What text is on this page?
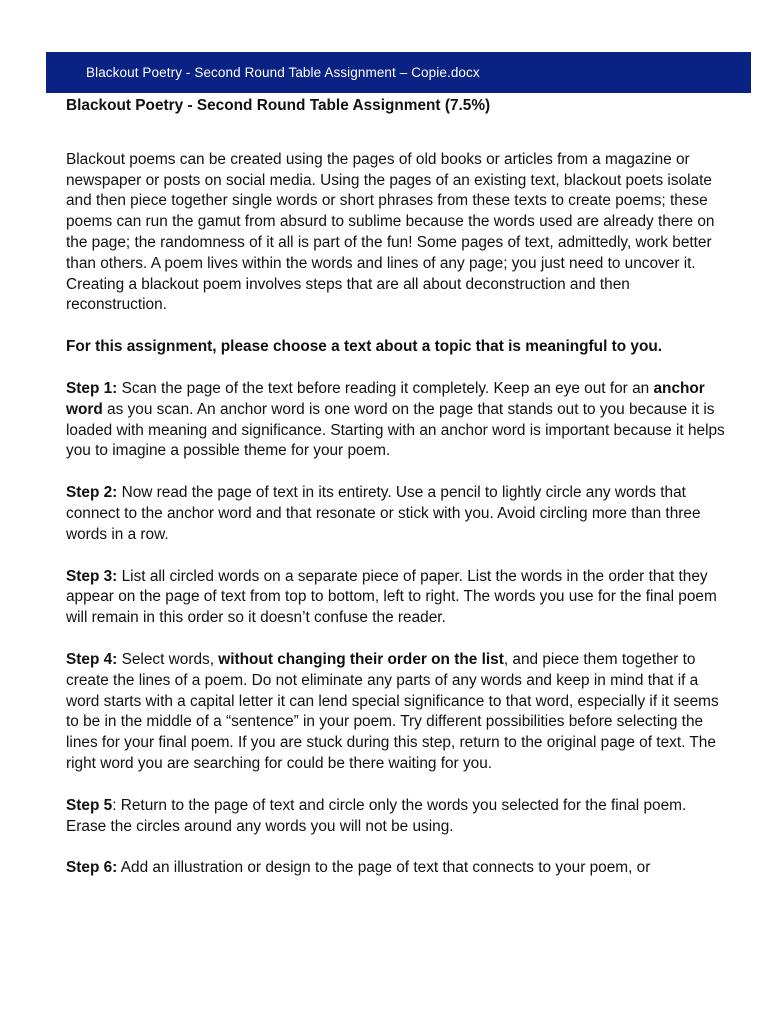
Blackout Poetry - Second Round Table Assignment – Copie.docx

Blackout Poetry - Second Round Table Assignment (7.5%)

Blackout poems can be created using the pages of old books or articles from a magazine or newspaper or posts on social media. Using the pages of an existing text, blackout poets isolate and then piece together single words or short phrases from these texts to create poems; these poems can run the gamut from absurd to sublime because the words used are already there on the page; the randomness of it all is part of the fun! Some pages of text, admittedly, work better than others. A poem lives within the words and lines of any page; you just need to uncover it. Creating a blackout poem involves steps that are all about deconstruction and then reconstruction.

For this assignment, please choose a text about a topic that is meaningful to you.

Step 1: Scan the page of the text before reading it completely. Keep an eye out for an anchor word as you scan. An anchor word is one word on the page that stands out to you because it is loaded with meaning and significance. Starting with an anchor word is important because it helps you to imagine a possible theme for your poem.

Step 2: Now read the page of text in its entirety. Use a pencil to lightly circle any words that connect to the anchor word and that resonate or stick with you. Avoid circling more than three words in a row.

Step 3: List all circled words on a separate piece of paper. List the words in the order that they appear on the page of text from top to bottom, left to right. The words you use for the final poem will remain in this order so it doesn’t confuse the reader.

Step 4: Select words, without changing their order on the list, and piece them together to create the lines of a poem. Do not eliminate any parts of any words and keep in mind that if a word starts with a capital letter it can lend special significance to that word, especially if it seems to be in the middle of a “sentence” in your poem. Try different possibilities before selecting the lines for your final poem. If you are stuck during this step, return to the original page of text. The right word you are searching for could be there waiting for you.

Step 5: Return to the page of text and circle only the words you selected for the final poem. Erase the circles around any words you will not be using.

Step 6: Add an illustration or design to the page of text that connects to your poem, or
